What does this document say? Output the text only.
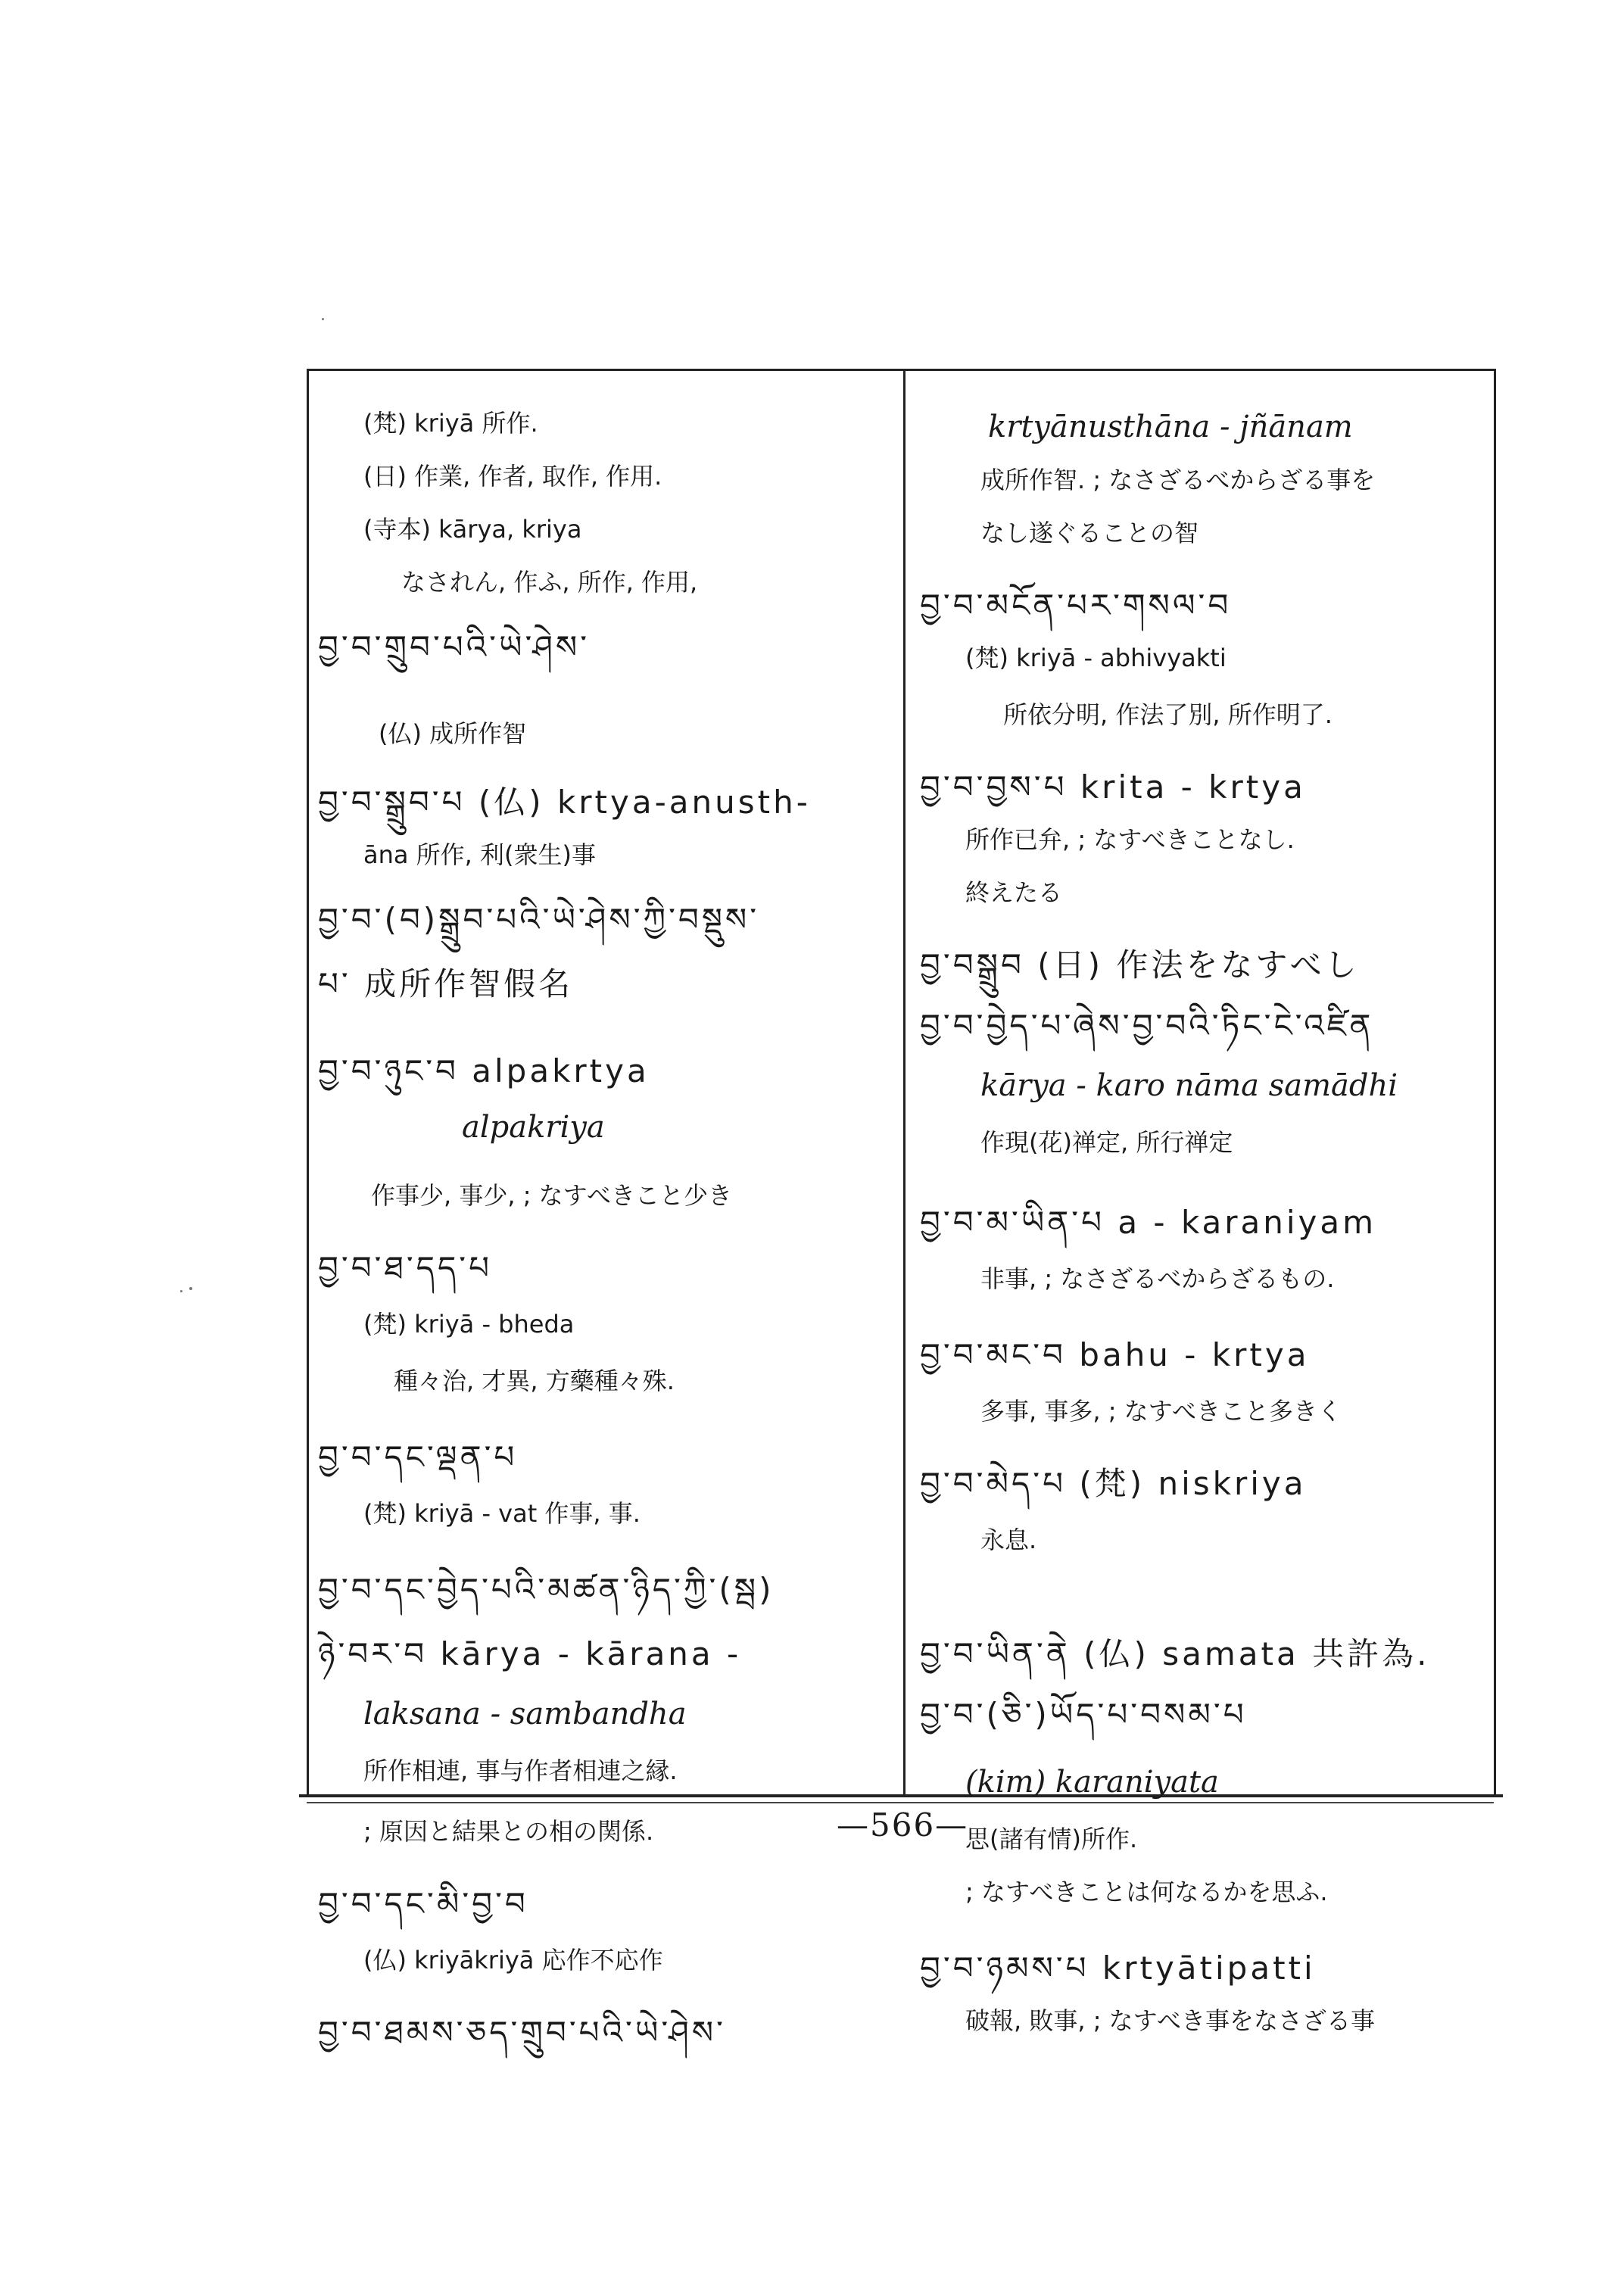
(梵) kriyā 所作.
(日) 作業, 作者, 取作, 作用.
(寺本) kārya, kriya
なされん, 作ふ, 所作, 作用,
བྱ་བ་གྲུབ་པའི་ཡེ་ཤེས་
(仏) 成所作智
བྱ་བ་སྒྲུབ་པ (仏) krtya-anusth-
āna 所作, 利(衆生)事
བྱ་བ་(བ)སྒྲུབ་པའི་ཡེ་ཤེས་ཀྱི་བསྡུས་
པ་ 成所作智假名
བྱ་བ་ཉུང་བ alpakrtya
alpakriya
作事少, 事少, ; なすべきこと少き
བྱ་བ་ཐ་དད་པ
(梵) kriyā - bheda
種々治, 才異, 方藥種々殊.
བྱ་བ་དང་ལྡན་པ
(梵) kriyā - vat 作事, 事.
བྱ་བ་དང་བྱེད་པའི་མཚན་ཉིད་ཀྱི་(སྦ)
ཉེ་བར་བ kārya - kārana -
laksana - sambandha
所作相連, 事与作者相連之縁.
; 原因と結果との相の関係.
བྱ་བ་དང་མི་བྱ་བ
(仏) kriyākriyā 応作不応作
བྱ་བ་ཐམས་ཅད་གྲུབ་པའི་ཡེ་ཤེས་
krtyānusthāna - jñānam
成所作智. ; なさざるべからざる事を
なし遂ぐることの智
བྱ་བ་མངོན་པར་གསལ་བ
(梵) kriyā - abhivyakti
所依分明, 作法了別, 所作明了.
བྱ་བ་བྱས་པ krita - krtya
所作已弁, ; なすべきことなし.
終えたる
བྱ་བསྒྲུབ (日) 作法をなすべし
བྱ་བ་བྱེད་པ་ཞེས་བྱ་བའི་ཏིང་ངེ་འཛིན
kārya - karo nāma samādhi
作現(花)禅定, 所行禅定
བྱ་བ་མ་ཡིན་པ a - karaniyam
非事, ; なさざるべからざるもの.
བྱ་བ་མང་བ bahu - krtya
多事, 事多, ; なすべきこと多きく
བྱ་བ་མེད་པ (梵) niskriya
永息.
བྱ་བ་ཡིན་ནེ (仏) samata 共許為.
བྱ་བ་(ཅི་)ཡོད་པ་བསམ་པ
(kim) karaniyata
思(諸有情)所作.
; なすべきことは何なるかを思ふ.
བྱ་བ་ཉམས་པ krtyātipatti
破報, 敗事, ; なすべき事をなさざる事
—566—
